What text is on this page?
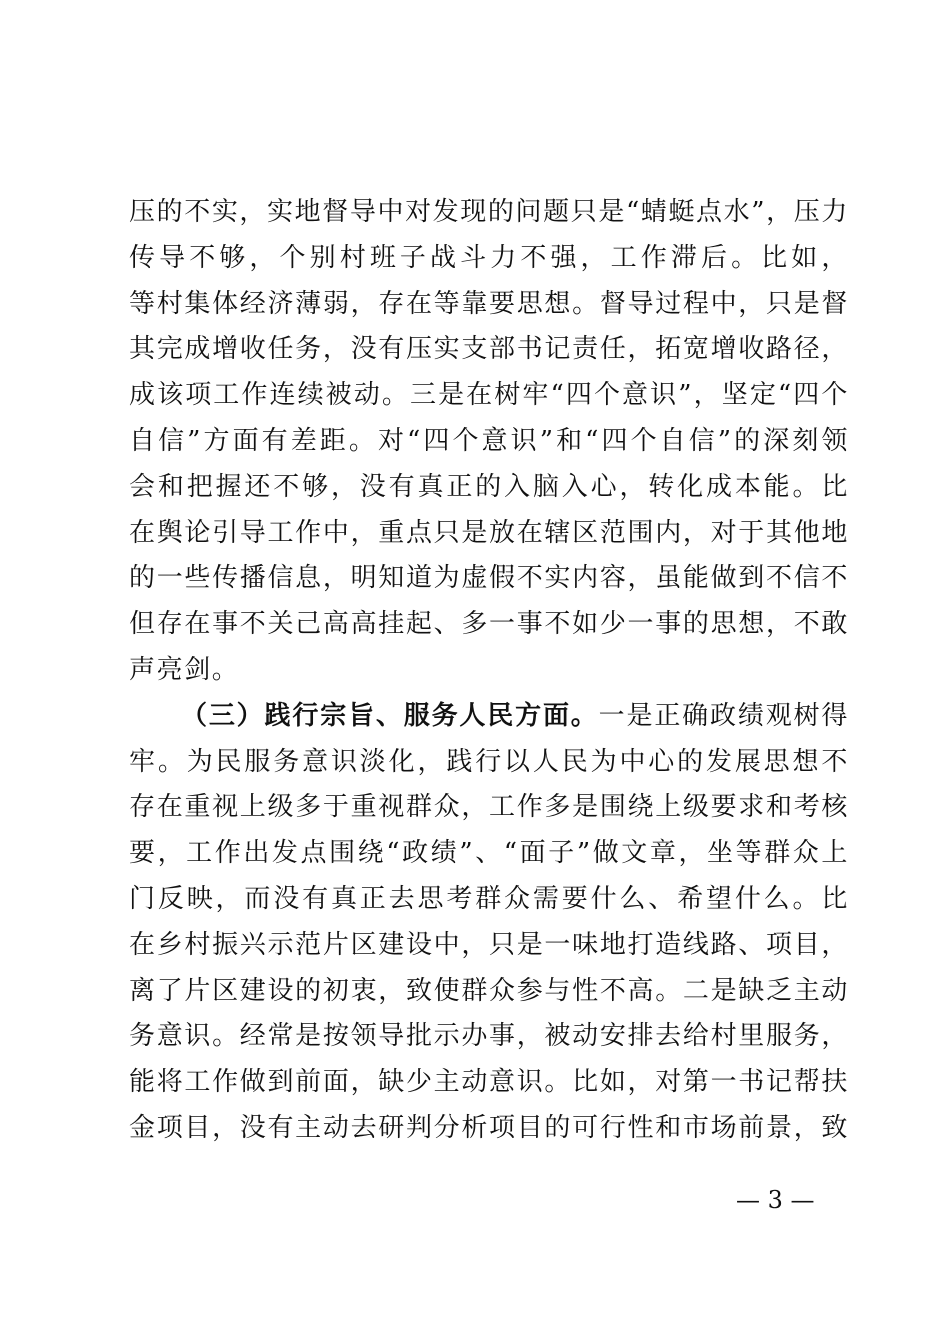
压的不实，实地督导中对发现的问题只是“蜻蜓点水”，压力
传导不够，个别村班子战斗力不强，工作滞后。比如，
等村集体经济薄弱，存在等靠要思想。督导过程中，只是督
其完成增收任务，没有压实支部书记责任，拓宽增收路径，
成该项工作连续被动。三是在树牢“四个意识”，坚定“四个
自信”方面有差距。对“四个意识”和“四个自信”的深刻领
会和把握还不够，没有真正的入脑入心，转化成本能。比
在舆论引导工作中，重点只是放在辖区范围内，对于其他地
的一些传播信息，明知道为虚假不实内容，虽能做到不信不
但存在事不关己高高挂起、多一事不如少一事的思想，不敢
声亮剑。
（三）践行宗旨、服务人民方面。一是正确政绩观树得
牢。为民服务意识淡化，践行以人民为中心的发展思想不
存在重视上级多于重视群众，工作多是围绕上级要求和考核
要，工作出发点围绕“政绩”、“面子”做文章，坐等群众上
门反映，而没有真正去思考群众需要什么、希望什么。比
在乡村振兴示范片区建设中，只是一味地打造线路、项目，
离了片区建设的初衷，致使群众参与性不高。二是缺乏主动
务意识。经常是按领导批示办事，被动安排去给村里服务，
能将工作做到前面，缺少主动意识。比如，对第一书记帮扶
金项目，没有主动去研判分析项目的可行性和市场前景，致
— 3 —
